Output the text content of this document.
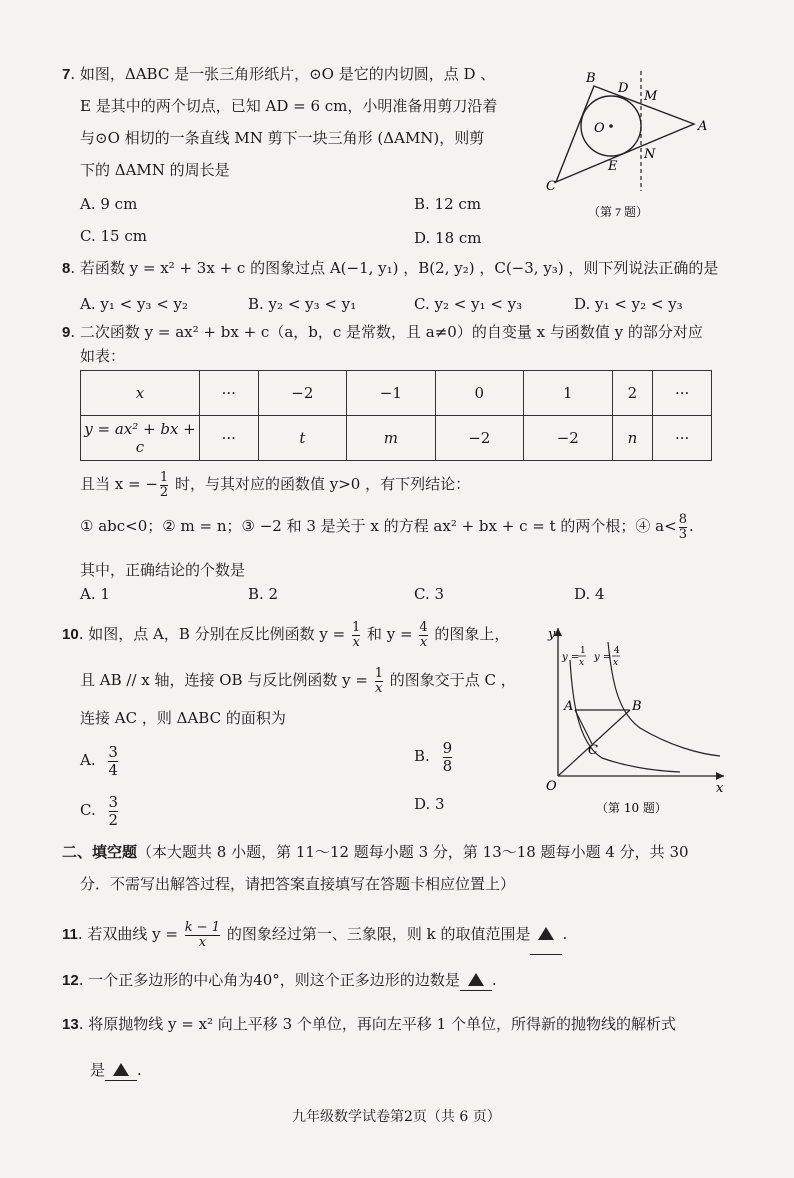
7. 如图，ΔABC 是一张三角形纸片，⊙O 是它的内切圆，点 D 、
E 是其中的两个切点，已知 AD = 6 cm，小明准备用剪刀沿着
与⊙O 相切的一条直线 MN 剪下一块三角形 (ΔAMN)，则剪
下的 ΔAMN 的周长是
A. 9 cm	B. 12 cm
C. 15 cm	D. 18 cm
B
D
M
O	A
E
N
C
（第 7 题）
8. 若函数 y = x² + 3x + c 的图象过点 A(−1, y₁) ，B(2, y₂) ，C(−3, y₃) ，则下列说法正确的是
A. y₁ < y₃ < y₂	B. y₂ < y₃ < y₁	C. y₂ < y₁ < y₃	D. y₁ < y₂ < y₃
9. 二次函数 y = ax² + bx + c（a，b，c 是常数，且 a≠0）的自变量 x 与函数值 y 的部分对应
如表：
x	···	−2	−1	0	1	2	···
y = ax² + bx + c	···	t	m	−2	−2	n	···
且当 x = − $\frac{1}{2}$ 时，与其对应的函数值 y>0 ，有下列结论：
① abc<0；② m = n；③ −2 和 3 是关于 x 的方程 ax² + bx + c = t 的两个根；④ $a< \frac{8}{3}$ .
其中，正确结论的个数是
A. 1	B. 2	C. 3	D. 4
10. 如图，点 A，B 分别在反比例函数 $y = \frac{1}{x}$ 和 $y = \frac{4}{x}$ 的图象上，
且 AB // x 轴，连接 OB 与反比例函数 $y = \frac{1}{x}$ 的图象交于点 C ，
连接 AC ，则 ΔABC 的面积为
A. $\frac{3}{4}$	B. $\frac{9}{8}$
C. $\frac{3}{2}$	D. 3
y
x
O
A	B
C
y =
1
x y =
4
x
（第 10 题）
二、填空题（本大题共 8 小题，第 11～12 题每小题 3 分，第 13～18 题每小题 4 分，共 30
分．不需写出解答过程，请把答案直接填写在答题卡相应位置上）
11. 若双曲线 $y = \frac{k - 1}{x}$ 的图象经过第一、三象限，则 k 的取值范围是 .
12. 一个正多边形的中心角为40°，则这个正多边形的边数是 .
13. 将原抛物线 y = x² 向上平移 3 个单位，再向左平移 1 个单位，所得新的抛物线的解析式
是 .
九年级数学试卷第2页（共 6 页）
